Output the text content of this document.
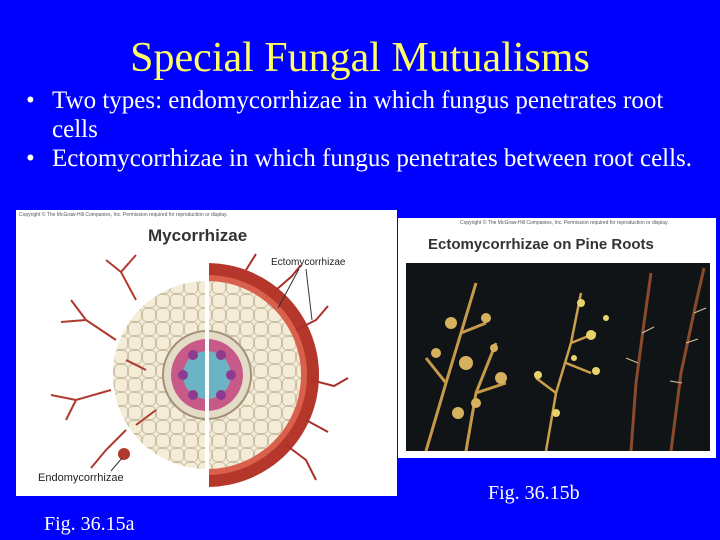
Special Fungal Mutualisms
• Two types: endomycorrhizae in which fungus penetrates root cells
• Ectomycorrhizae in which fungus penetrates between root cells.
Copyright © The McGraw-Hill Companies, Inc. Permission required for reproduction or display.
Mycorrhizae
Ectomycorrhizae
Endomycorrhizae
Copyright © The McGraw-Hill Companies, Inc. Permission required for reproduction or display.
Ectomycorrhizae on Pine Roots
Fig. 36.15b
Fig. 36.15a
